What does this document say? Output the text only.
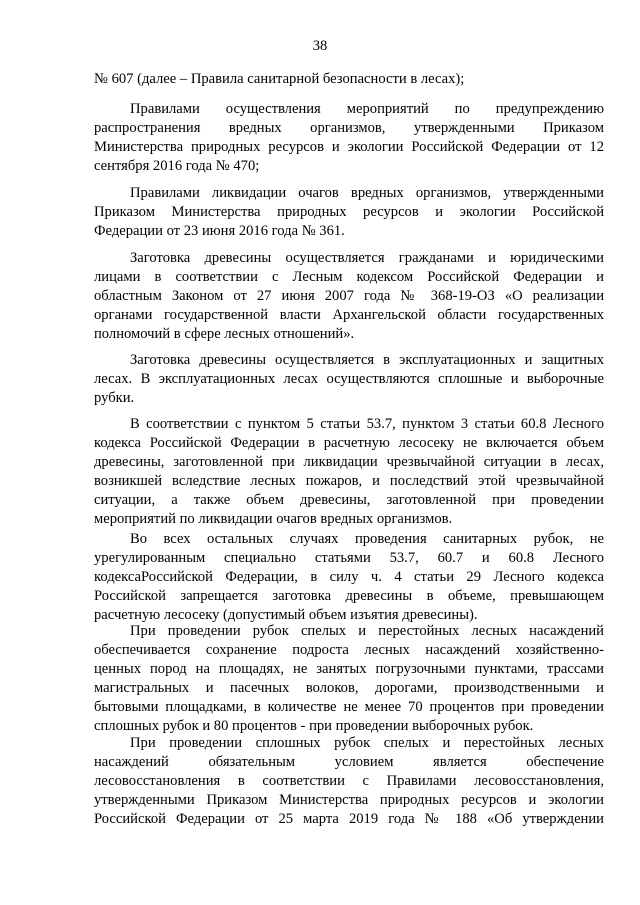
38

№ 607 (далее – Правила санитарной безопасности в лесах);

Правилами осуществления мероприятий по предупреждению
распространения вредных организмов, утвержденными Приказом
Министерства природных ресурсов и экологии Российской Федерации от 12
сентября 2016 года № 470;

Правилами ликвидации очагов вредных организмов, утвержденными
Приказом Министерства природных ресурсов и экологии Российской
Федерации от 23 июня 2016 года № 361.

Заготовка древесины осуществляется гражданами и юридическими
лицами в соответствии с Лесным кодексом Российской Федерации и
областным Законом от 27 июня 2007 года № 368-19-ОЗ «О реализации
органами государственной власти Архангельской области государственных
полномочий в сфере лесных отношений».

Заготовка древесины осуществляется в эксплуатационных и защитных
лесах. В эксплуатационных лесах осуществляются сплошные и выборочные
рубки.

В соответствии с пунктом 5 статьи 53.7, пунктом 3 статьи 60.8 Лесного
кодекса Российской Федерации в расчетную лесосеку не включается объем
древесины, заготовленной при ликвидации чрезвычайной ситуации в лесах,
возникшей вследствие лесных пожаров, и последствий этой чрезвычайной
ситуации, а также объем древесины, заготовленной при проведении
мероприятий по ликвидации очагов вредных организмов.

Во всех остальных случаях проведения санитарных рубок, не
урегулированным специально статьями 53.7, 60.7 и 60.8 Лесного
кодексаРоссийской Федерации, в силу ч. 4 статьи 29 Лесного кодекса
Российской запрещается заготовка древесины в объеме, превышающем
расчетную лесосеку (допустимый объем изъятия древесины).

При проведении рубок спелых и перестойных лесных насаждений
обеспечивается сохранение подроста лесных насаждений хозяйственно-
ценных пород на площадях, не занятых погрузочными пунктами, трассами
магистральных и пасечных волоков, дорогами, производственными и
бытовыми площадками, в количестве не менее 70 процентов при проведении
сплошных рубок и 80 процентов - при проведении выборочных рубок.

При проведении сплошных рубок спелых и перестойных лесных
насаждений обязательным условием является обеспечение
лесовосстановления в соответствии с Правилами лесовосстановления,
утвержденными Приказом Министерства природных ресурсов и экологии
Российской Федерации от 25 марта 2019 года № 188 «Об утверждении
